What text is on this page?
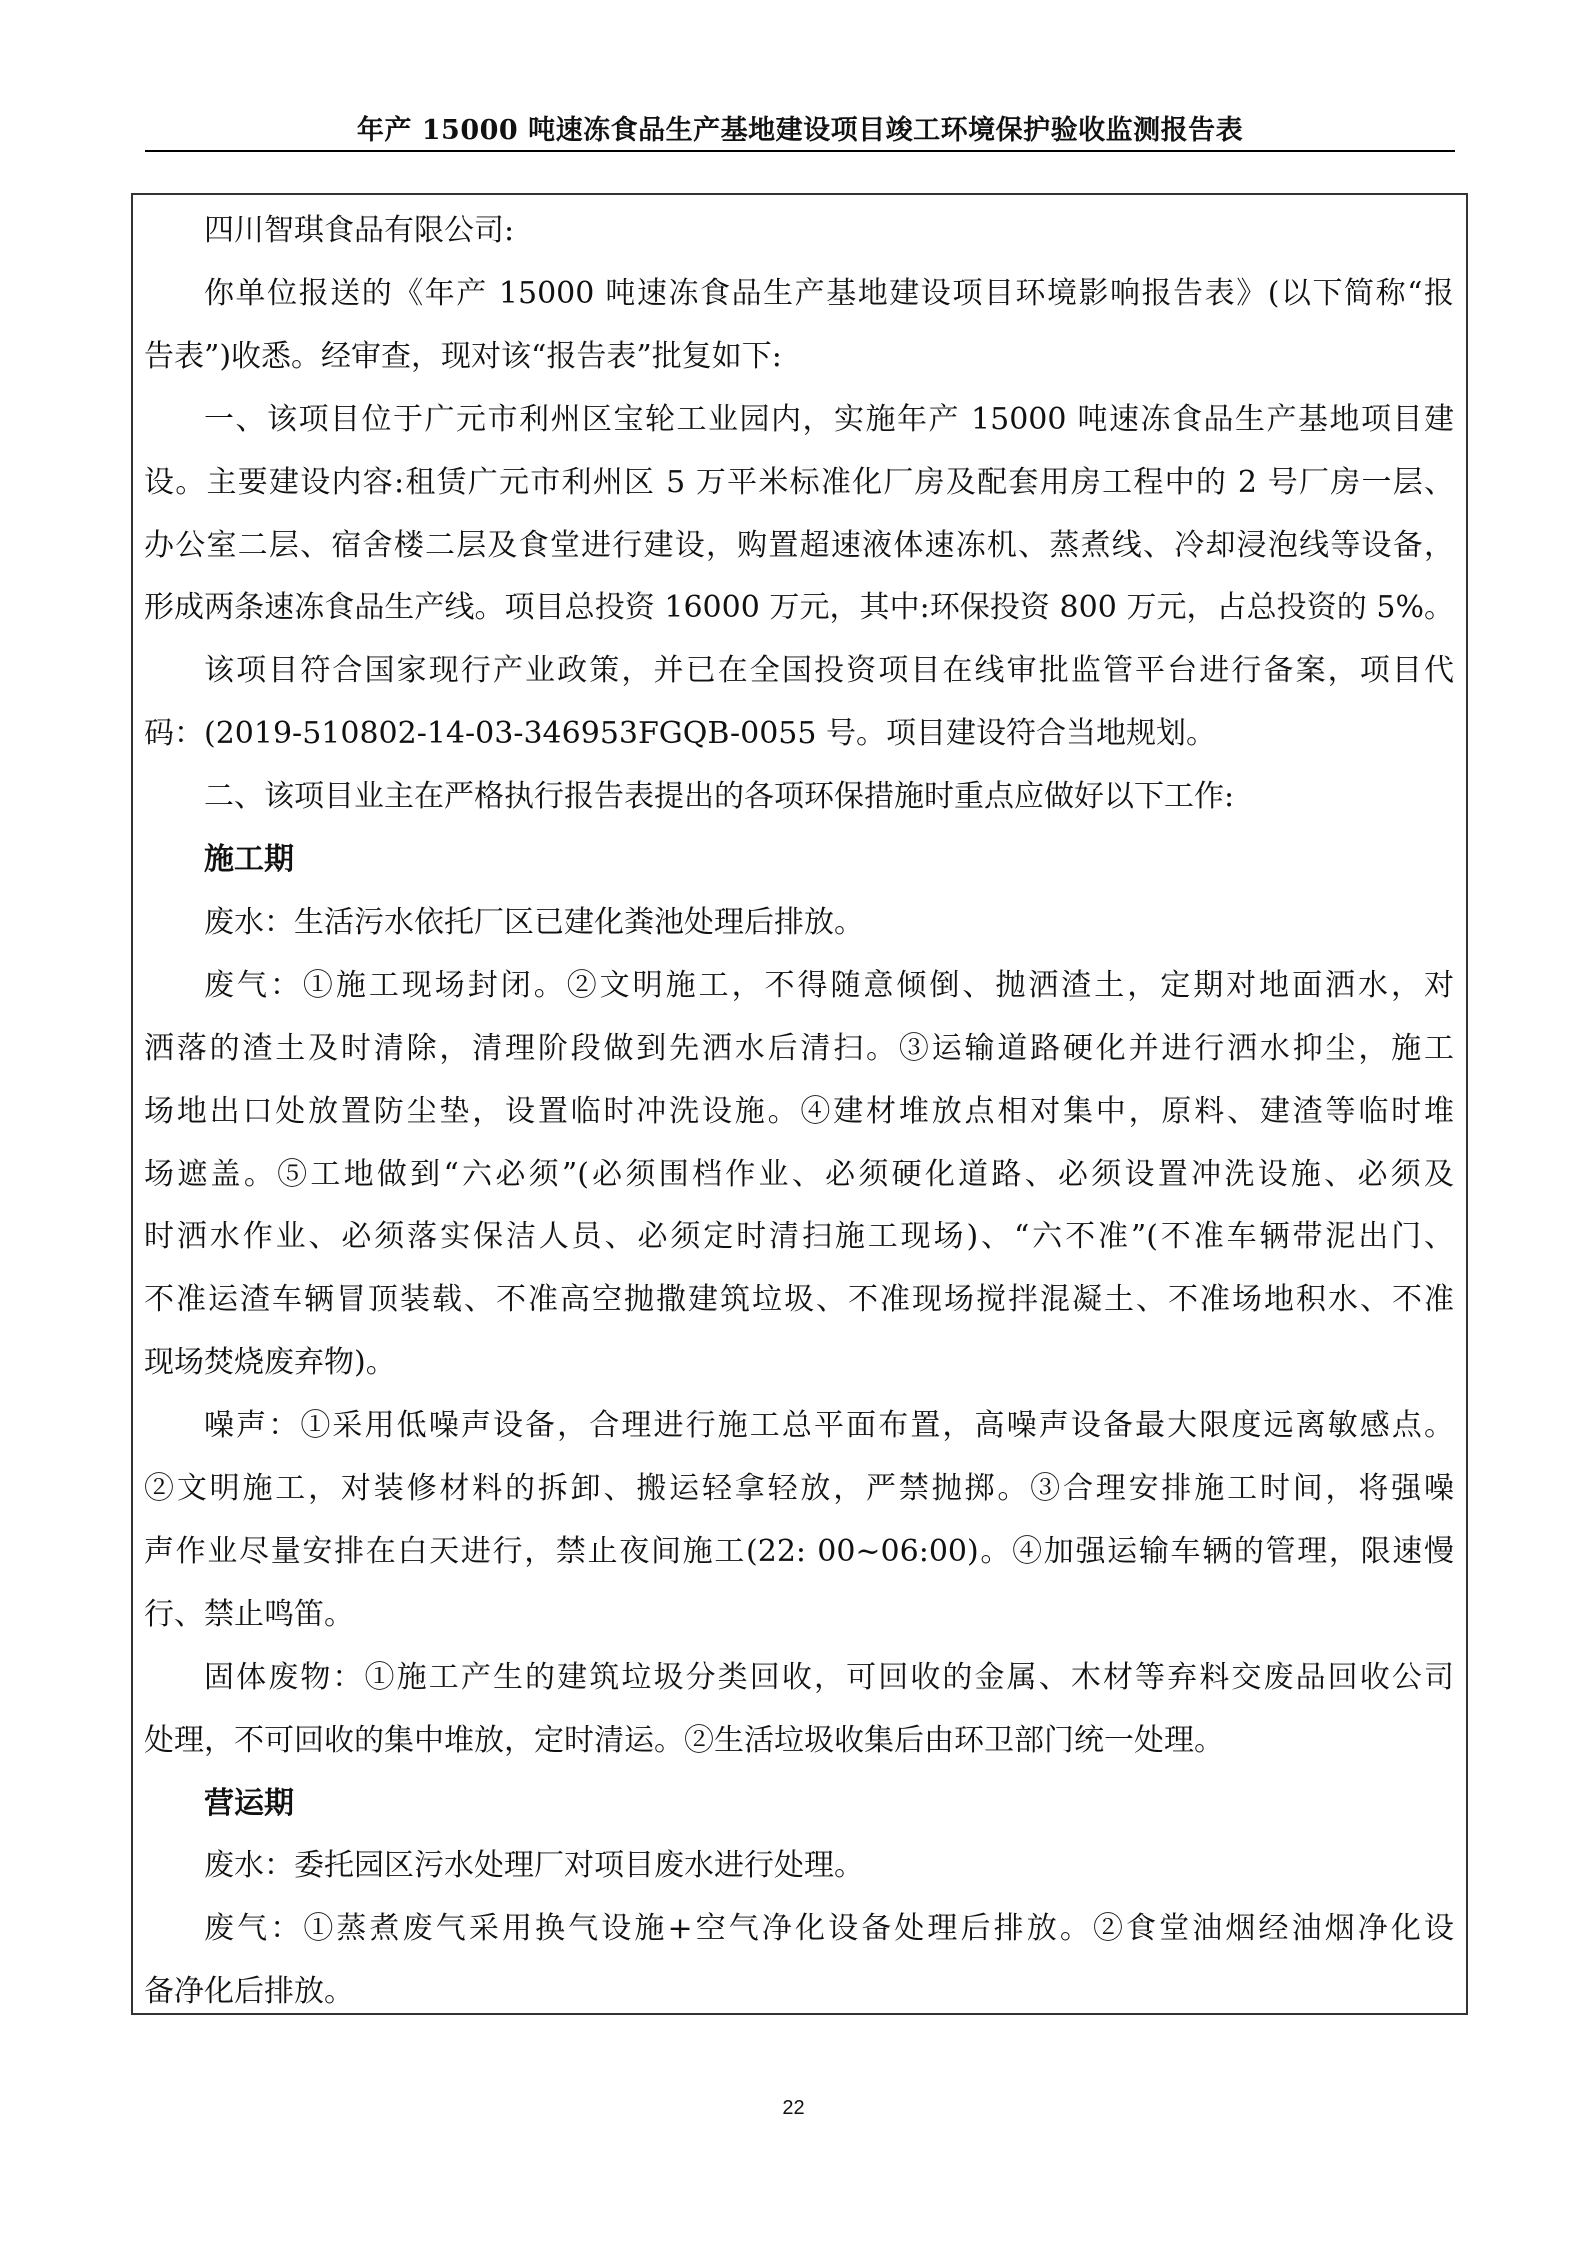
年产 15000 吨速冻食品生产基地建设项目竣工环境保护验收监测报告表
四川智琪食品有限公司:
你单位报送的《年产 15000 吨速冻食品生产基地建设项目环境影响报告表》(以下简称“报
告表”)收悉。经审查，现对该“报告表”批复如下:
一、该项目位于广元市利州区宝轮工业园内，实施年产 15000 吨速冻食品生产基地项目建
设。主要建设内容:租赁广元市利州区 5 万平米标准化厂房及配套用房工程中的 2 号厂房一层、
办公室二层、宿舍楼二层及食堂进行建设，购置超速液体速冻机、蒸煮线、冷却浸泡线等设备，
形成两条速冻食品生产线。项目总投资 16000 万元，其中:环保投资 800 万元，占总投资的 5%。
该项目符合国家现行产业政策，并已在全国投资项目在线审批监管平台进行备案，项目代
码：(2019-510802-14-03-346953FGQB-0055 号。项目建设符合当地规划。
二、该项目业主在严格执行报告表提出的各项环保措施时重点应做好以下工作:
施工期
废水：生活污水依托厂区已建化粪池处理后排放。
废气：①施工现场封闭。②文明施工，不得随意倾倒、抛洒渣土，定期对地面洒水，对
洒落的渣土及时清除，清理阶段做到先洒水后清扫。③运输道路硬化并进行洒水抑尘，施工
场地出口处放置防尘垫，设置临时冲洗设施。④建材堆放点相对集中，原料、建渣等临时堆
场遮盖。⑤工地做到“六必须”(必须围档作业、必须硬化道路、必须设置冲洗设施、必须及
时洒水作业、必须落实保洁人员、必须定时清扫施工现场)、“六不准”(不准车辆带泥出门、
不准运渣车辆冒顶装载、不准高空抛撒建筑垃圾、不准现场搅拌混凝土、不准场地积水、不准
现场焚烧废弃物)。
噪声：①采用低噪声设备，合理进行施工总平面布置，高噪声设备最大限度远离敏感点。
②文明施工，对装修材料的拆卸、搬运轻拿轻放，严禁抛掷。③合理安排施工时间，将强噪
声作业尽量安排在白天进行，禁止夜间施工(22: 00~06:00)。④加强运输车辆的管理，限速慢
行、禁止鸣笛。
固体废物：①施工产生的建筑垃圾分类回收，可回收的金属、木材等弃料交废品回收公司
处理，不可回收的集中堆放，定时清运。②生活垃圾收集后由环卫部门统一处理。
营运期
废水：委托园区污水处理厂对项目废水进行处理。
废气：①蒸煮废气采用换气设施+空气净化设备处理后排放。②食堂油烟经油烟净化设
备净化后排放。
22
